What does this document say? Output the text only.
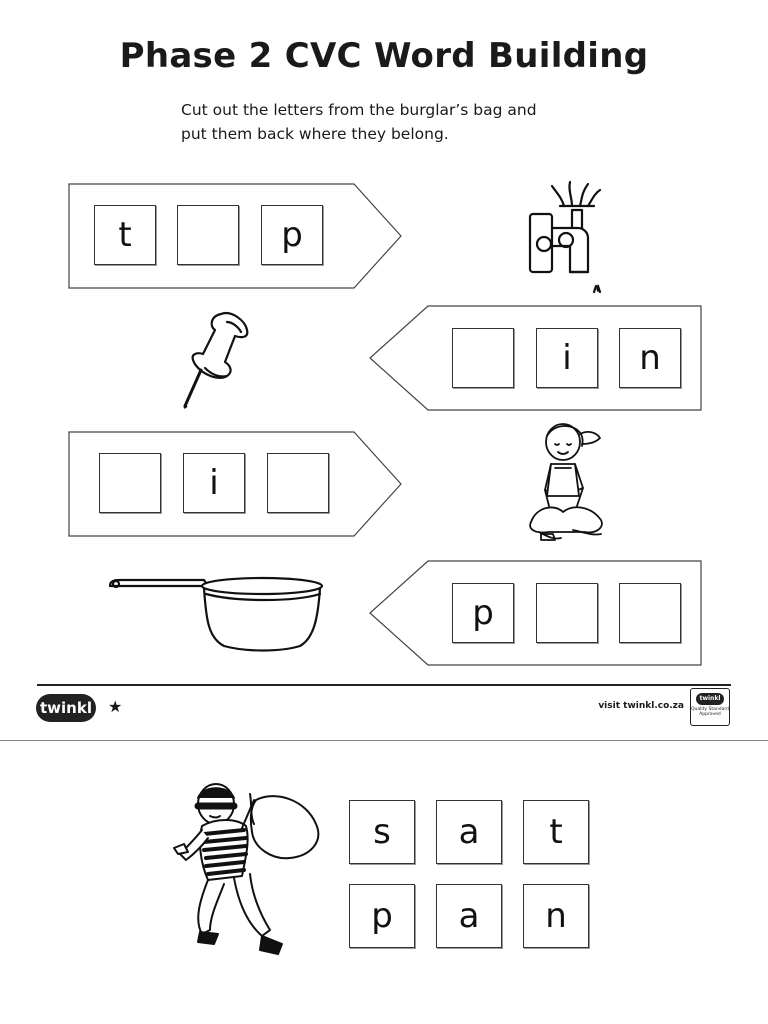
Phase 2 CVC Word Building
Cut out the letters from the burglar’s bag and
put them back where they belong.
t	p
i	n
i
p
twinkl ★	visit twinkl.co.za
twinkl
Quality Standard Approved
s	a	t
p	a	n
